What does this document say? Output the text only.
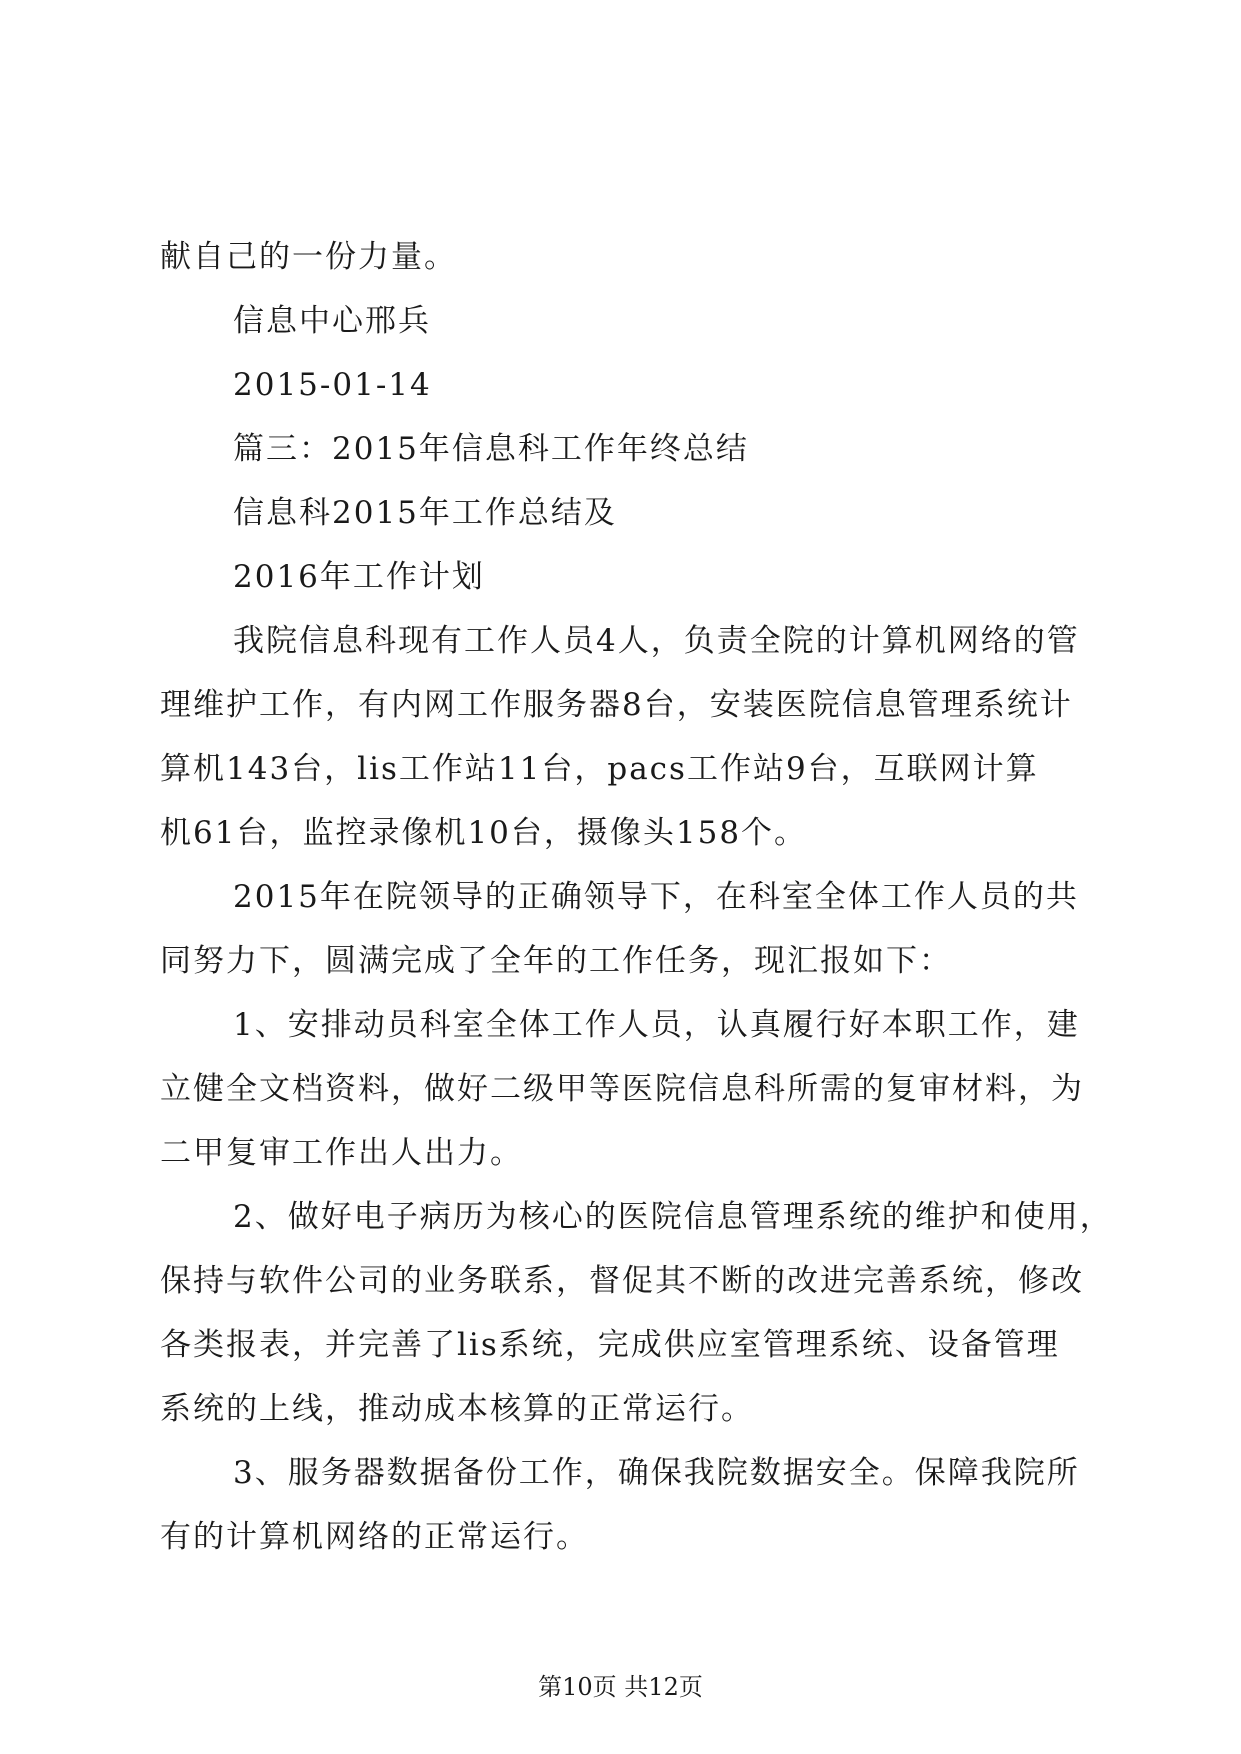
献自己的一份力量。
信息中心邢兵
2015-01-14
篇三：2015年信息科工作年终总结
信息科2015年工作总结及
2016年工作计划
我院信息科现有工作人员4人，负责全院的计算机网络的管
理维护工作，有内网工作服务器8台，安装医院信息管理系统计
算机143台，lis工作站11台，pacs工作站9台，互联网计算
机61台，监控录像机10台，摄像头158个。
2015年在院领导的正确领导下，在科室全体工作人员的共
同努力下，圆满完成了全年的工作任务，现汇报如下：
1、安排动员科室全体工作人员，认真履行好本职工作，建
立健全文档资料，做好二级甲等医院信息科所需的复审材料，为
二甲复审工作出人出力。
2、做好电子病历为核心的医院信息管理系统的维护和使用，
保持与软件公司的业务联系，督促其不断的改进完善系统，修改
各类报表，并完善了lis系统，完成供应室管理系统、设备管理
系统的上线，推动成本核算的正常运行。
3、服务器数据备份工作，确保我院数据安全。保障我院所
有的计算机网络的正常运行。
第10页 共12页
